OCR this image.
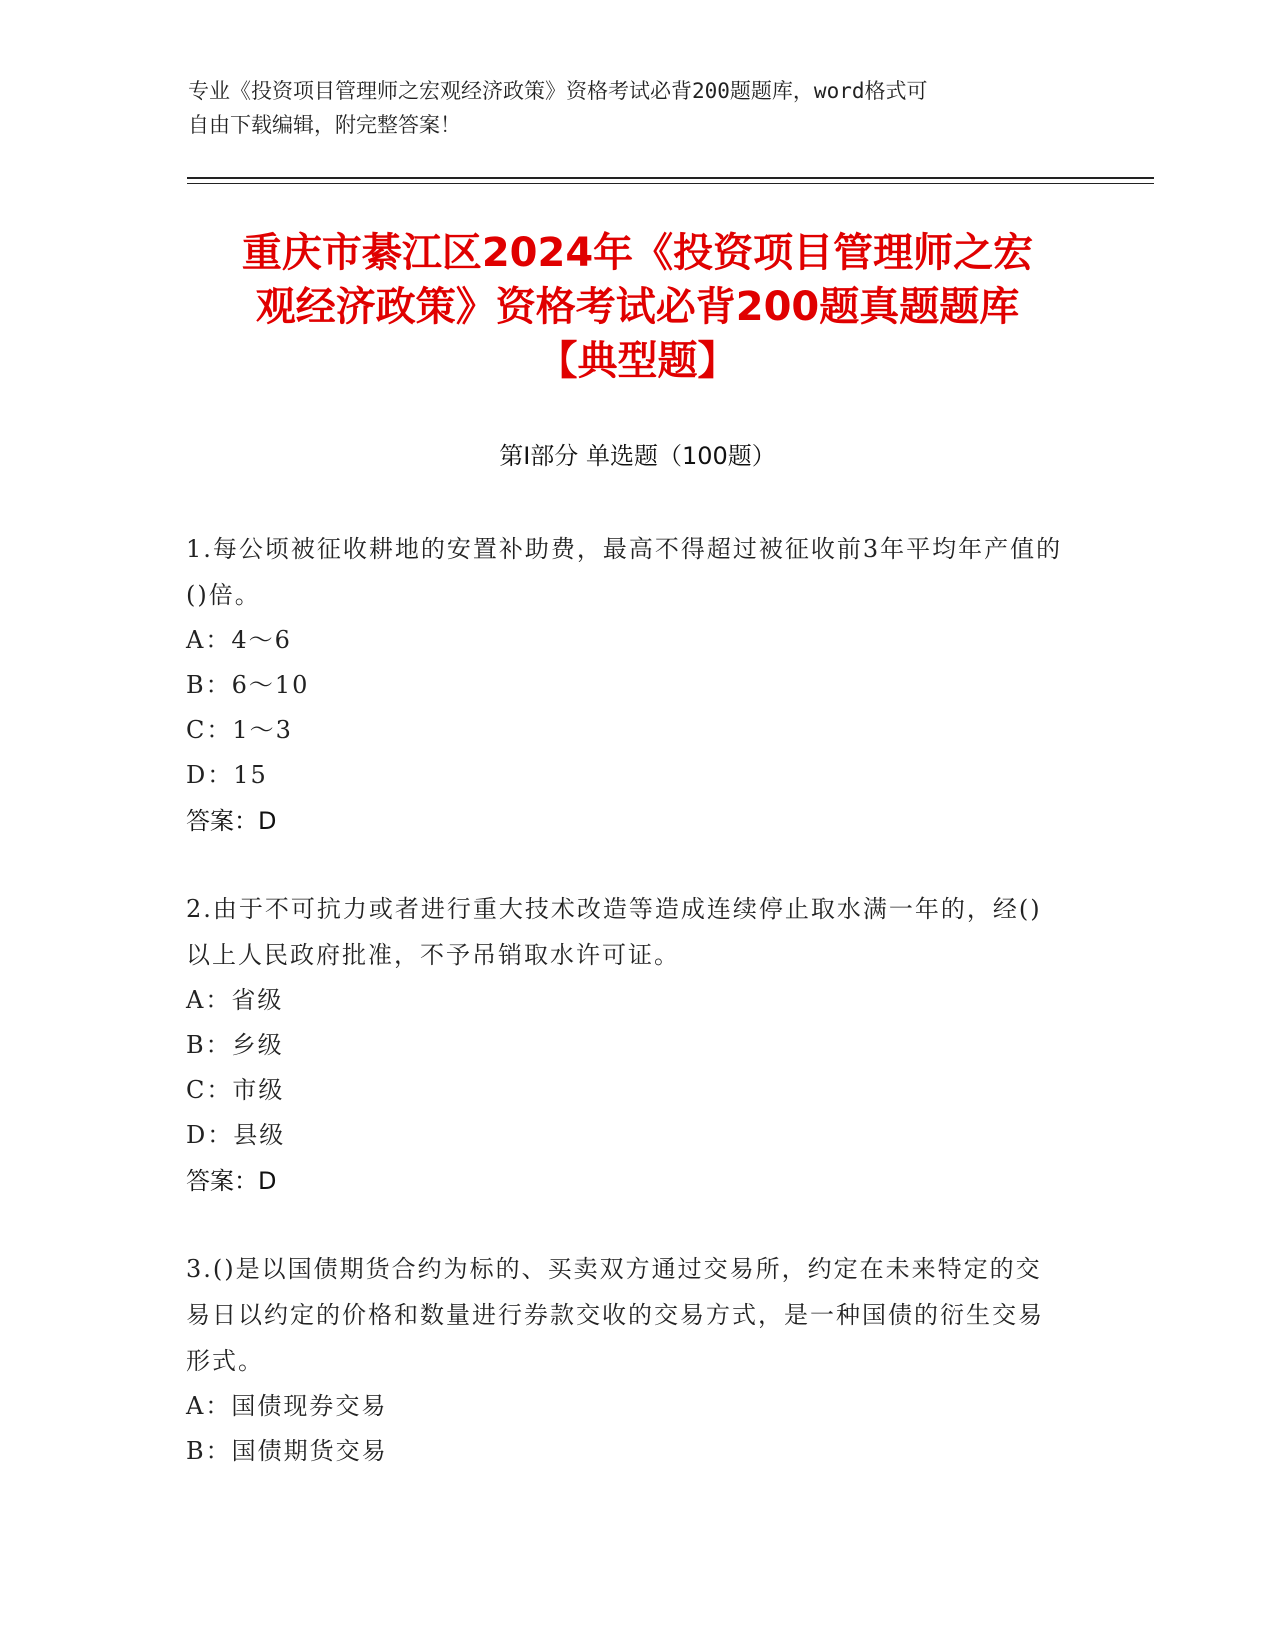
专业《投资项目管理师之宏观经济政策》资格考试必背200题题库，word格式可
自由下载编辑，附完整答案！
重庆市綦江区2024年《投资项目管理师之宏
观经济政策》资格考试必背200题真题题库
【典型题】
第Ⅰ部分 单选题（100题）
1.每公顷被征收耕地的安置补助费，最高不得超过被征收前3年平均年产值的()倍。
A：4～6
B：6～10
C：1～3
D：15
答案：D
2.由于不可抗力或者进行重大技术改造等造成连续停止取水满一年的，经()以上人民政府批准，不予吊销取水许可证。
A：省级
B：乡级
C：市级
D：县级
答案：D
3.()是以国债期货合约为标的、买卖双方通过交易所，约定在未来特定的交易日以约定的价格和数量进行券款交收的交易方式，是一种国债的衍生交易形式。
A：国债现券交易
B：国债期货交易
